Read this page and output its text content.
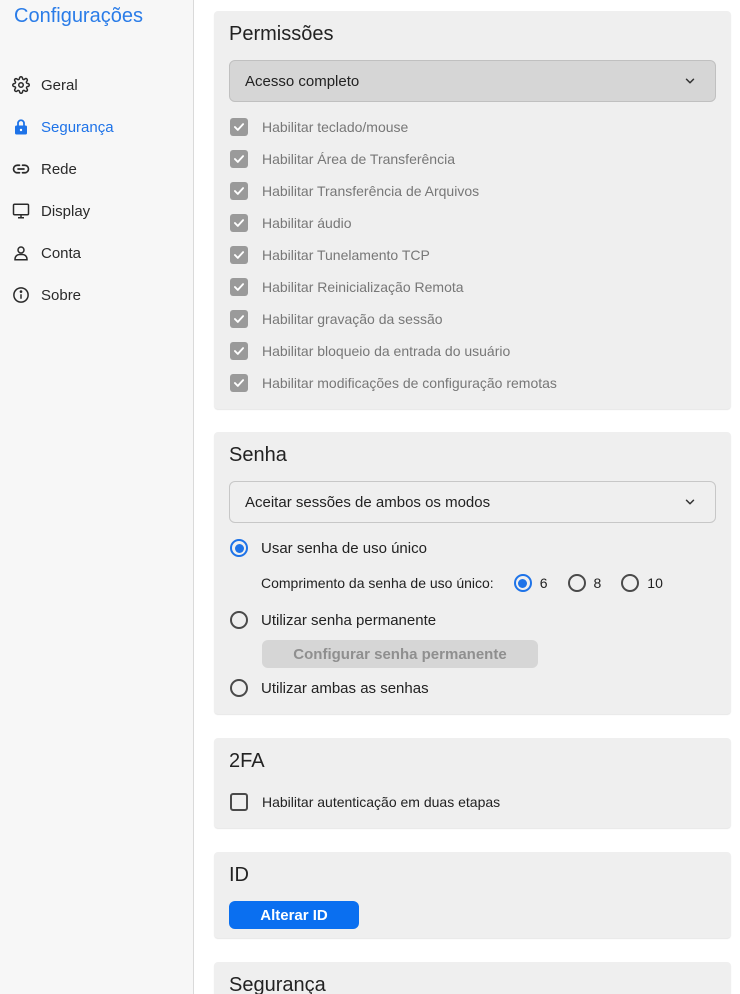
Configurações
Geral
Segurança
Rede
Display
Conta
Sobre
Permissões
Acesso completo
Habilitar teclado/mouse
Habilitar Área de Transferência
Habilitar Transferência de Arquivos
Habilitar áudio
Habilitar Tunelamento TCP
Habilitar Reinicialização Remota
Habilitar gravação da sessão
Habilitar bloqueio da entrada do usuário
Habilitar modificações de configuração remotas
Senha
Aceitar sessões de ambos os modos
Usar senha de uso único
Comprimento da senha de uso único:	6	8	10
Utilizar senha permanente
Configurar senha permanente
Utilizar ambas as senhas
2FA
Habilitar autenticação em duas etapas
ID
Alterar ID
Segurança
